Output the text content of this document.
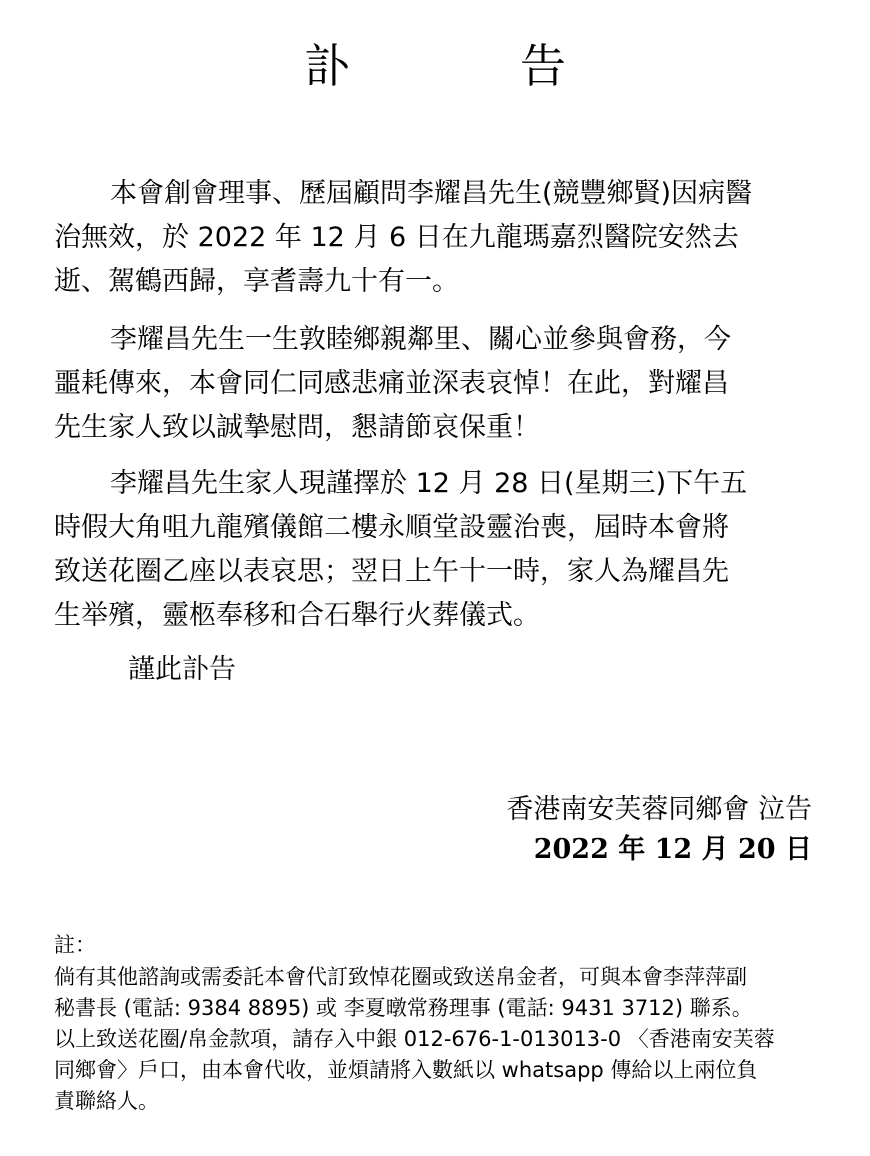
訃　告
本會創會理事、歷屆顧問李耀昌先生(競豐鄉賢)因病醫
治無效，於 2022 年 12 月 6 日在九龍瑪嘉烈醫院安然去
逝、駕鶴西歸，享耆壽九十有一。
李耀昌先生一生敦睦鄉親鄰里、關心並參與會務，今
噩耗傳來，本會同仁同感悲痛並深表哀悼！在此，對耀昌
先生家人致以誠摯慰問，懇請節哀保重！
李耀昌先生家人現謹擇於 12 月 28 日(星期三)下午五
時假大角咀九龍殯儀館二樓永順堂設靈治喪，屆時本會將
致送花圈乙座以表哀思；翌日上午十一時，家人為耀昌先
生举殯，靈柩奉移和合石舉行火葬儀式。
謹此訃告
香港南安芙蓉同鄉會 泣告
2022 年 12 月 20 日
註：
倘有其他諮詢或需委託本會代訂致悼花圈或致送帛金者，可與本會李萍萍副
秘書長 (電話: 9384 8895) 或 李夏暾常務理事 (電話: 9431 3712) 聯系。
以上致送花圈/帛金款項，請存入中銀 012-676-1-013013-0 〈香港南安芙蓉
同鄉會〉戶口，由本會代收，並煩請將入數紙以 whatsapp 傳給以上兩位負
責聯絡人。
